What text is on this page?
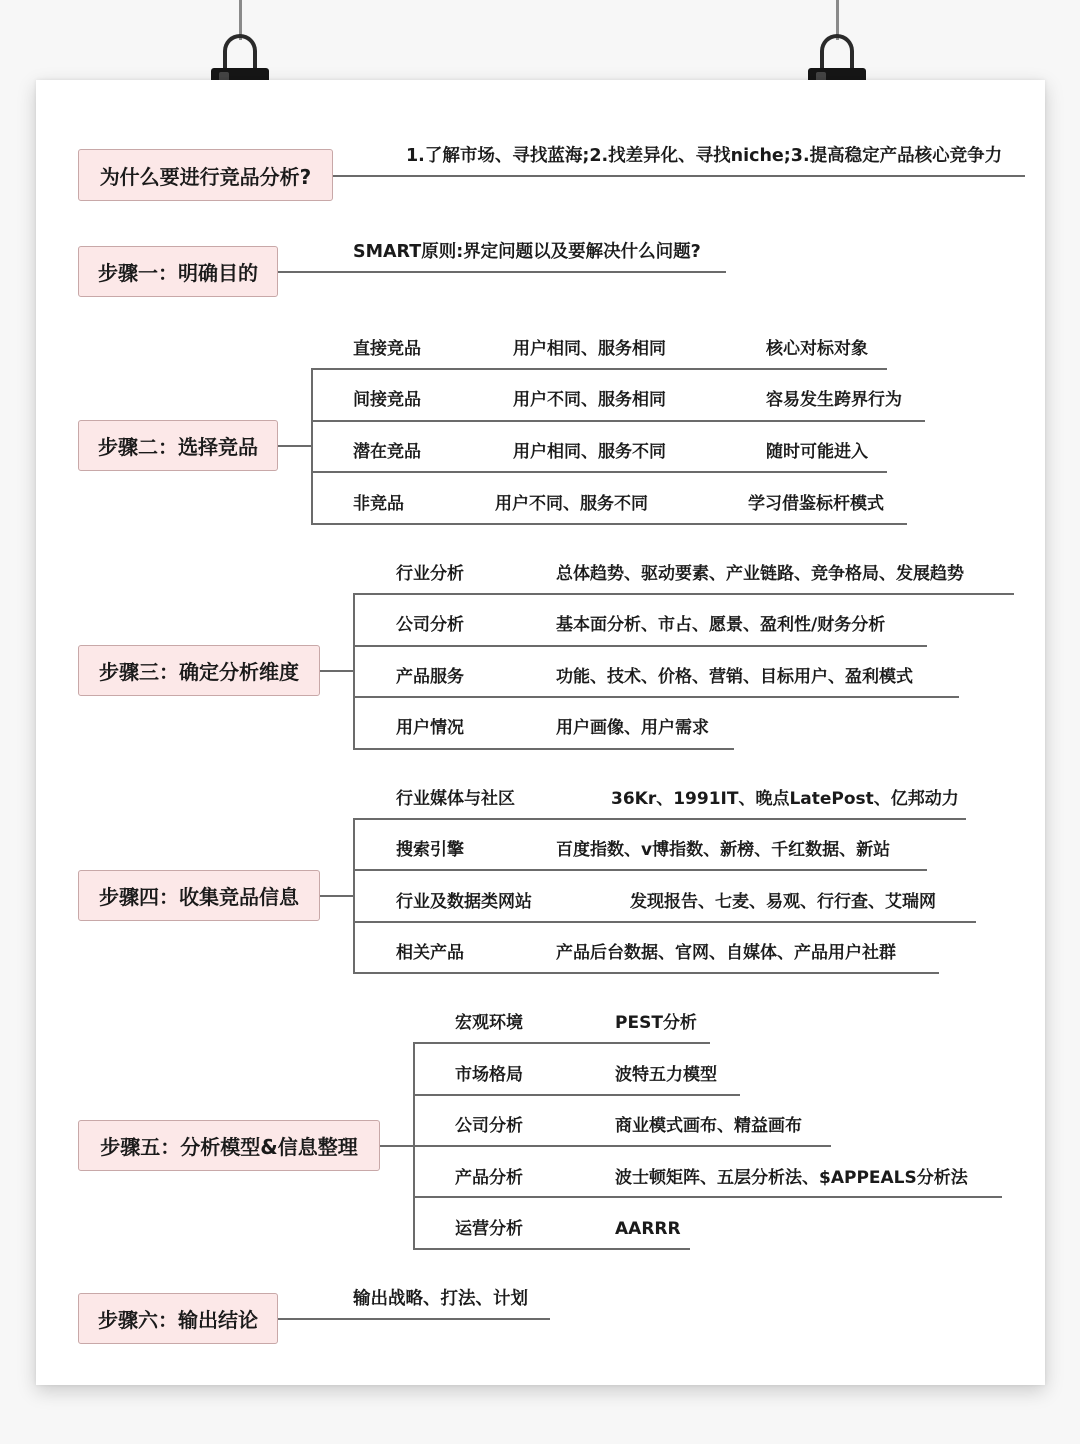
为什么要进行竞品分析?
1.了解市场、寻找蓝海;2.找差异化、寻找niche;3.提高稳定产品核心竞争力
步骤一：明确目的
SMART原则:界定问题以及要解决什么问题?
步骤二：选择竞品
直接竞品	用户相同、服务相同	核心对标对象
间接竞品	用户不同、服务相同	容易发生跨界行为
潜在竞品	用户相同、服务不同	随时可能进入
非竞品	用户不同、服务不同	学习借鉴标杆模式
步骤三：确定分析维度
行业分析	总体趋势、驱动要素、产业链路、竞争格局、发展趋势
公司分析	基本面分析、市占、愿景、盈利性/财务分析
产品服务	功能、技术、价格、营销、目标用户、盈利模式
用户情况	用户画像、用户需求
步骤四：收集竞品信息
行业媒体与社区	36Kr、1991IT、晚点LatePost、亿邦动力
搜索引擎	百度指数、v博指数、新榜、千红数据、新站
行业及数据类网站	发现报告、七麦、易观、行行查、艾瑞网
相关产品	产品后台数据、官网、自媒体、产品用户社群
步骤五：分析模型&信息整理
宏观环境	PEST分析
市场格局	波特五力模型
公司分析	商业模式画布、精益画布
产品分析	波士顿矩阵、五层分析法、$APPEALS分析法
运营分析	AARRR
步骤六：输出结论
输出战略、打法、计划
